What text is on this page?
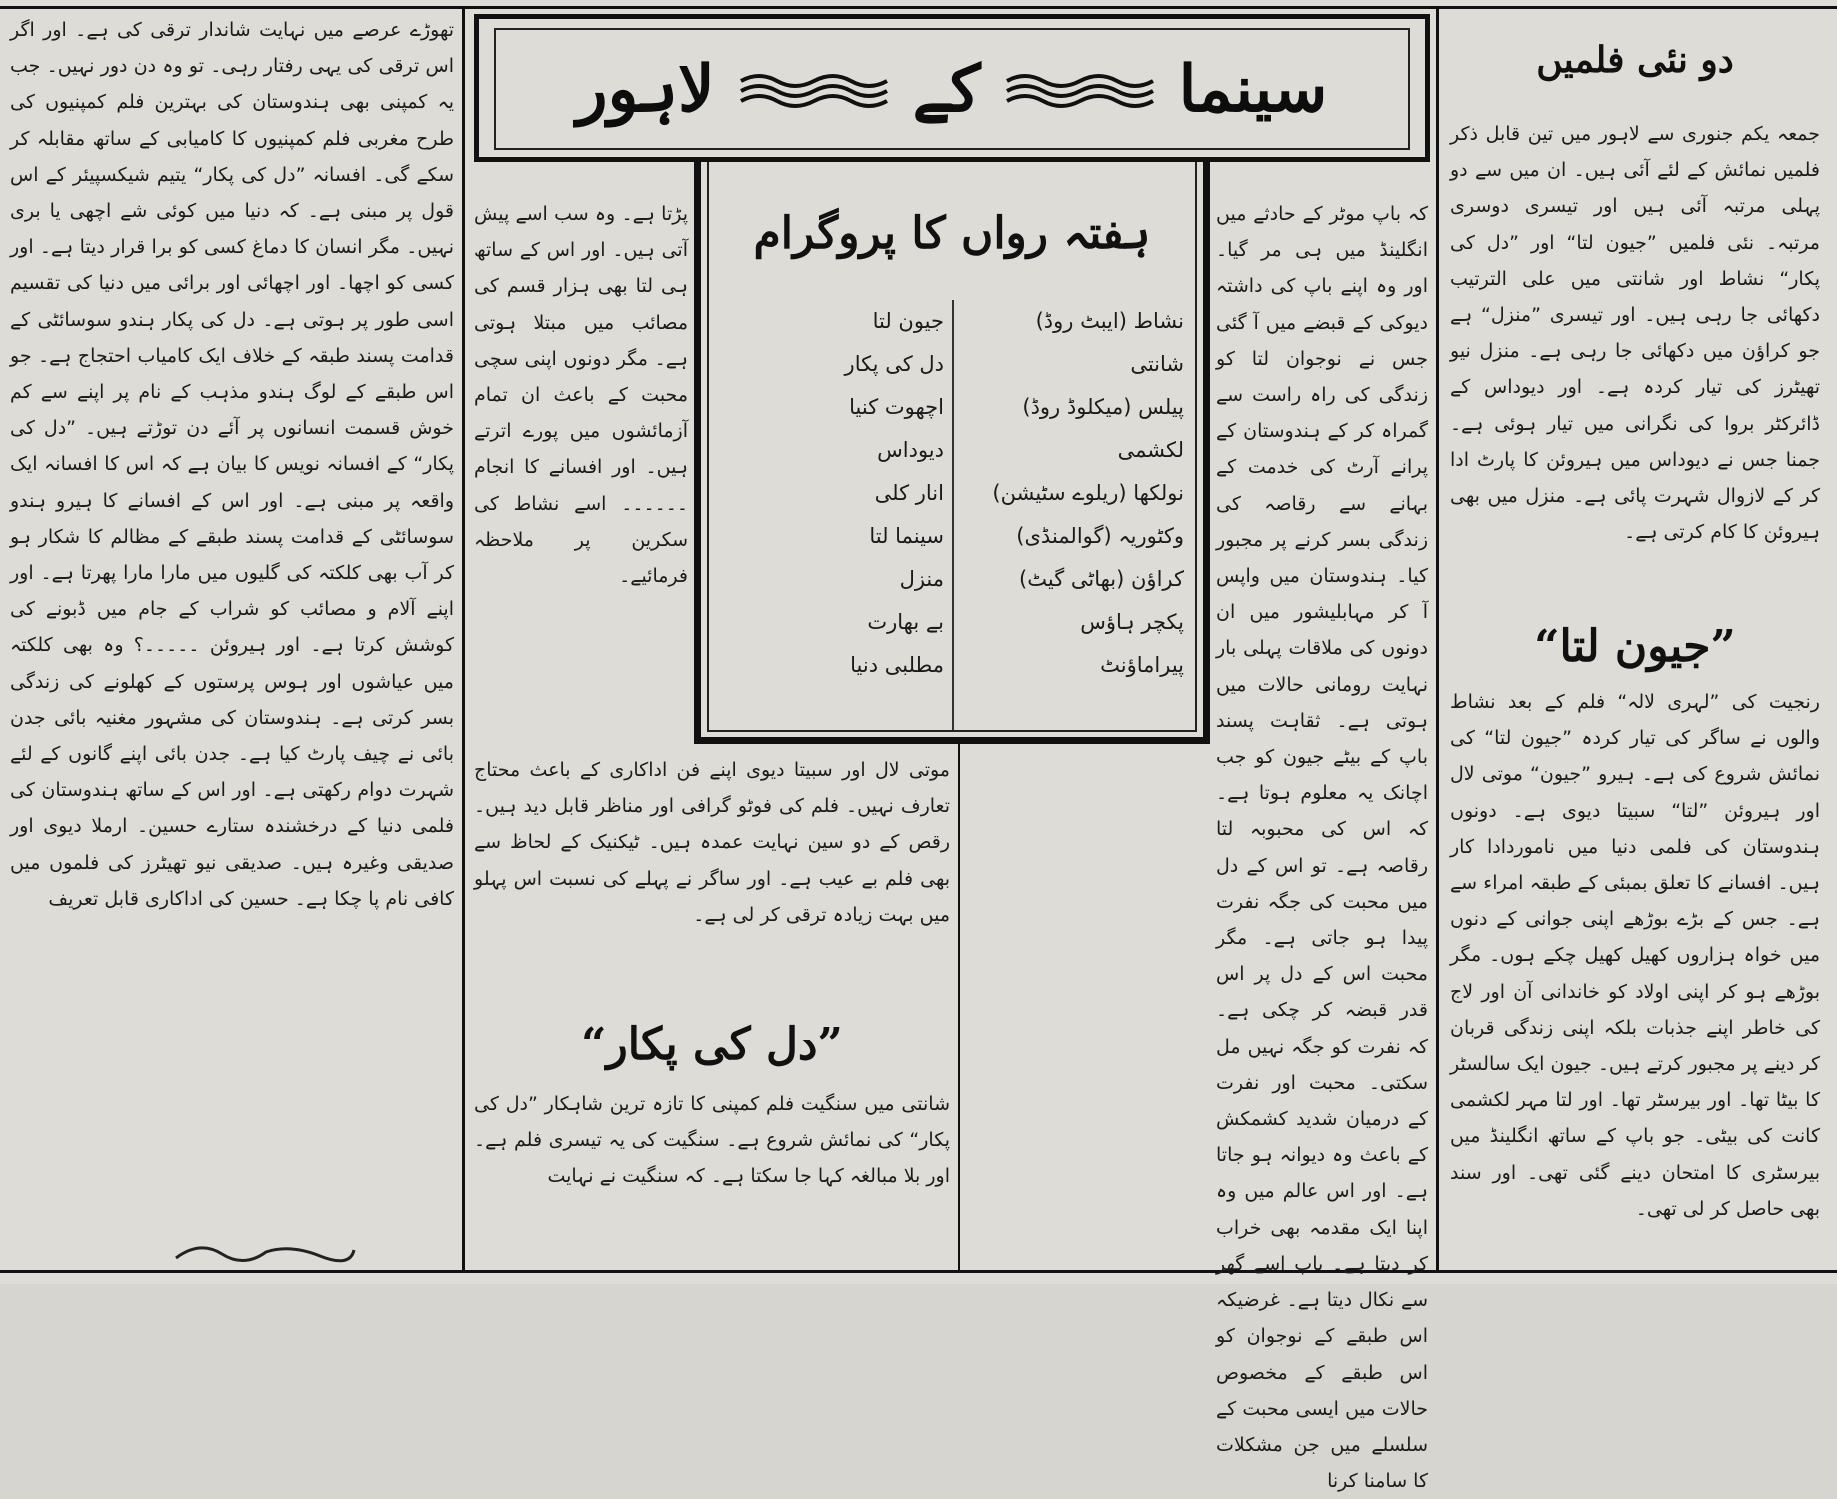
لاہور	کے	سینما
ہفتہ رواں کا پروگرام
نشاط (ایبٹ روڈ)
شانتی
پیلس (میکلوڈ روڈ)
لکشمی
نولکھا (ریلوے سٹیشن)
وکٹوریہ (گوالمنڈی)
کراؤن (بھاٹی گیٹ)
پکچر ہاؤس
پیراماؤنٹ
جیون لتا
دل کی پکار
اچھوت کنیا
دیوداس
انار کلی
سینما لتا
منزل
بے بھارت
مطلبی دنیا
دو نئی فلمیں

جمعہ یکم جنوری سے لاہور میں تین قابل ذکر فلمیں نمائش کے لئے آئی ہیں۔ ان میں سے دو پہلی مرتبہ آئی ہیں اور تیسری دوسری مرتبہ۔ نئی فلمیں ”جیون لتا“ اور ”دل کی پکار“ نشاط اور شانتی میں علی الترتیب دکھائی جا رہی ہیں۔ اور تیسری ”منزل“ ہے جو کراؤن میں دکھائی جا رہی ہے۔ منزل نیو تھیٹرز کی تیار کردہ ہے۔ اور دیوداس کے ڈائرکٹر بروا کی نگرانی میں تیار ہوئی ہے۔ جمنا جس نے دیوداس میں ہیروئن کا پارٹ ادا کر کے لازوال شہرت پائی ہے۔ منزل میں بھی ہیروئن کا کام کرتی ہے۔

”جیون لتا“

رنجیت کی ”لہری لالہ“ فلم کے بعد نشاط والوں نے ساگر کی تیار کردہ ”جیون لتا“ کی نمائش شروع کی ہے۔ ہیرو ”جیون“ موتی لال اور ہیروئن ”لتا“ سبیتا دیوی ہے۔ دونوں ہندوستان کی فلمی دنیا میں ناموردادا کار ہیں۔ افسانے کا تعلق بمبئی کے طبقہ امراء سے ہے۔ جس کے بڑے بوڑھے اپنی جوانی کے دنوں میں خواہ ہزاروں کھیل کھیل چکے ہوں۔ مگر بوڑھے ہو کر اپنی اولاد کو خاندانی آن اور لاج کی خاطر اپنے جذبات بلکہ اپنی زندگی قربان کر دینے پر مجبور کرتے ہیں۔ جیون ایک سالسٹر کا بیٹا تھا۔ اور بیرسٹر تھا۔ اور لتا مہر لکشمی کانت کی بیٹی۔ جو باپ کے ساتھ انگلینڈ میں بیرسٹری کا امتحان دینے گئی تھی۔ اور سند بھی حاصل کر لی تھی۔

کہ باپ موٹر کے حادثے میں انگلینڈ میں ہی مر گیا۔ اور وہ اپنے باپ کی داشتہ دیوکی کے قبضے میں آ گئی جس نے نوجوان لتا کو زندگی کی راہ راست سے گمراہ کر کے ہندوستان کے پرانے آرٹ کی خدمت کے بہانے سے رقاصہ کی زندگی بسر کرنے پر مجبور کیا۔ ہندوستان میں واپس آ کر مہابلیشور میں ان دونوں کی ملاقات پہلی بار نہایت رومانی حالات میں ہوتی ہے۔ ثقاہت پسند باپ کے بیٹے جیون کو جب اچانک یہ معلوم ہوتا ہے۔ کہ اس کی محبوبہ لتا رقاصہ ہے۔ تو اس کے دل میں محبت کی جگہ نفرت پیدا ہو جاتی ہے۔ مگر محبت اس کے دل پر اس قدر قبضہ کر چکی ہے۔ کہ نفرت کو جگہ نہیں مل سکتی۔ محبت اور نفرت کے درمیان شدید کشمکش کے باعث وہ دیوانہ ہو جاتا ہے۔ اور اس عالم میں وہ اپنا ایک مقدمہ بھی خراب کر دیتا ہے۔ باپ اسے گھر سے نکال دیتا ہے۔ غرضیکہ اس طبقے کے نوجوان کو اس طبقے کے مخصوص حالات میں ایسی محبت کے سلسلے میں جن مشکلات کا سامنا کرنا

پڑتا ہے۔ وہ سب اسے پیش آتی ہیں۔ اور اس کے ساتھ ہی لتا بھی ہزار قسم کی مصائب میں مبتلا ہوتی ہے۔ مگر دونوں اپنی سچی محبت کے باعث ان تمام آزمائشوں میں پورے اترتے ہیں۔ اور افسانے کا انجام ۔۔۔۔۔۔ اسے نشاط کی سکرین پر ملاحظہ فرمائیے۔

موتی لال اور سبیتا دیوی اپنے فن اداکاری کے باعث محتاج تعارف نہیں۔ فلم کی فوٹو گرافی اور مناظر قابل دید ہیں۔ رقص کے دو سین نہایت عمدہ ہیں۔ ٹیکنیک کے لحاظ سے بھی فلم بے عیب ہے۔ اور ساگر نے پہلے کی نسبت اس پہلو میں بہت زیادہ ترقی کر لی ہے۔

”دل کی پکار“

شانتی میں سنگیت فلم کمپنی کا تازہ ترین شاہکار ”دل کی پکار“ کی نمائش شروع ہے۔ سنگیت کی یہ تیسری فلم ہے۔ اور بلا مبالغہ کہا جا سکتا ہے۔ کہ سنگیت نے نہایت

تھوڑے عرصے میں نہایت شاندار ترقی کی ہے۔ اور اگر اس ترقی کی یہی رفتار رہی۔ تو وہ دن دور نہیں۔ جب یہ کمپنی بھی ہندوستان کی بہترین فلم کمپنیوں کی طرح مغربی فلم کمپنیوں کا کامیابی کے ساتھ مقابلہ کر سکے گی۔ افسانہ ”دل کی پکار“ یتیم شیکسپیئر کے اس قول پر مبنی ہے۔ کہ دنیا میں کوئی شے اچھی یا بری نہیں۔ مگر انسان کا دماغ کسی کو برا قرار دیتا ہے۔ اور کسی کو اچھا۔ اور اچھائی اور برائی میں دنیا کی تقسیم اسی طور پر ہوتی ہے۔ دل کی پکار ہندو سوسائٹی کے قدامت پسند طبقہ کے خلاف ایک کامیاب احتجاج ہے۔ جو اس طبقے کے لوگ ہندو مذہب کے نام پر اپنے سے کم خوش قسمت انسانوں پر آئے دن توڑتے ہیں۔ ”دل کی پکار“ کے افسانہ نویس کا بیان ہے کہ اس کا افسانہ ایک واقعہ پر مبنی ہے۔ اور اس کے افسانے کا ہیرو ہندو سوسائٹی کے قدامت پسند طبقے کے مظالم کا شکار ہو کر آب بھی کلکتہ کی گلیوں میں مارا مارا پھرتا ہے۔ اور اپنے آلام و مصائب کو شراب کے جام میں ڈبونے کی کوشش کرتا ہے۔ اور ہیروئن ۔۔۔۔۔؟ وہ بھی کلکتہ میں عیاشوں اور ہوس پرستوں کے کھلونے کی زندگی بسر کرتی ہے۔ ہندوستان کی مشہور مغنیہ بائی جدن بائی نے چیف پارٹ کیا ہے۔ جدن بائی اپنے گانوں کے لئے شہرت دوام رکھتی ہے۔ اور اس کے ساتھ ہندوستان کی فلمی دنیا کے درخشندہ ستارے حسین۔ ارملا دیوی اور صدیقی وغیرہ ہیں۔ صدیقی نیو تھیٹرز کی فلموں میں کافی نام پا چکا ہے۔ حسین کی اداکاری قابل تعریف
